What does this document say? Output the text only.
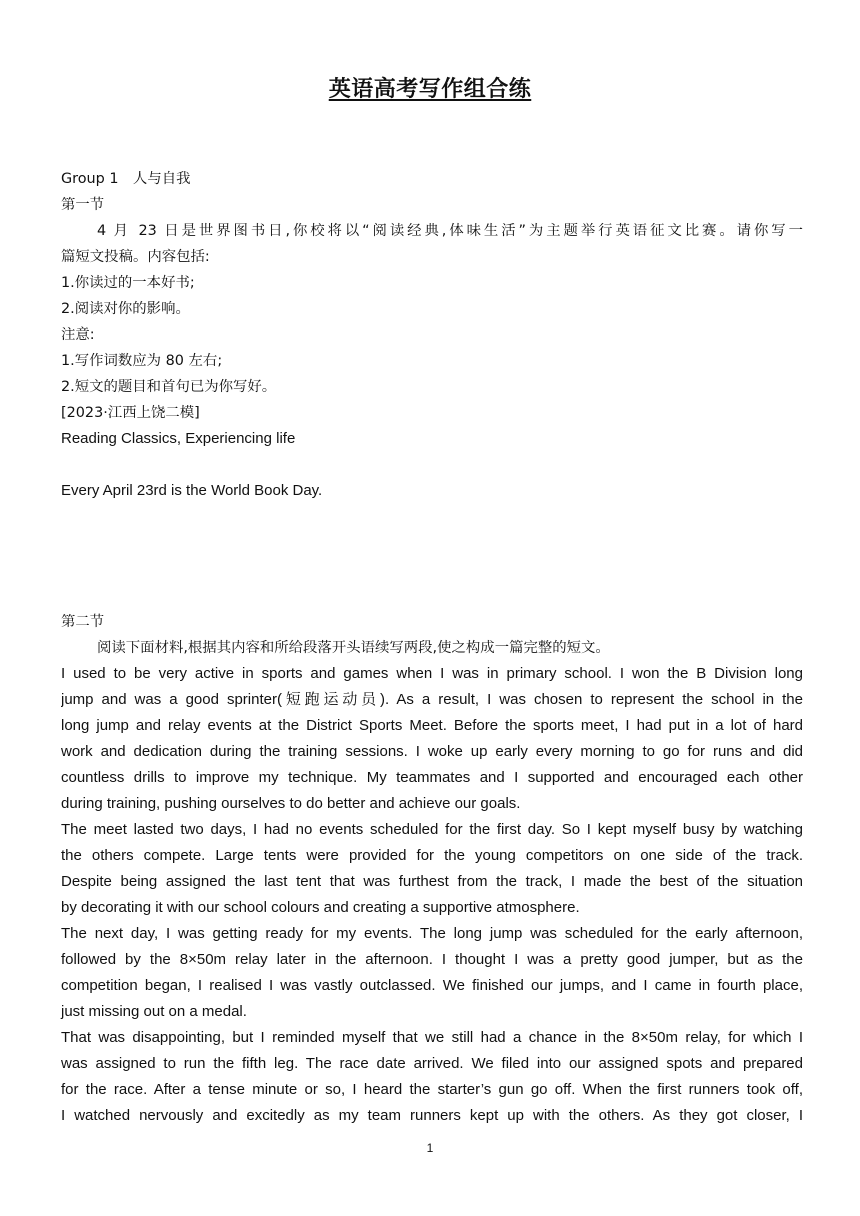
英语高考写作组合练
Group 1　人与自我
第一节
4 月 23 日是世界图书日,你校将以“阅读经典,体味生活”为主题举行英语征文比赛。请你写一
篇短文投稿。内容包括:
1.你读过的一本好书;
2.阅读对你的影响。
注意:
1.写作词数应为 80 左右;
2.短文的题目和首句已为你写好。
[2023·江西上饶二模]
Reading Classics, Experiencing life
Every April 23rd is the World Book Day.
第二节
阅读下面材料,根据其内容和所给段落开头语续写两段,使之构成一篇完整的短文。
I used to be very active in sports and games when I was in primary school. I won the B Division long
jump and was a good sprinter(短跑运动员). As a result, I was chosen to represent the school in the
long jump and relay events at the District Sports Meet. Before the sports meet, I had put in a lot of hard
work and dedication during the training sessions. I woke up early every morning to go for runs and did
countless drills to improve my technique. My teammates and I supported and encouraged each other
during training, pushing ourselves to do better and achieve our goals.
The meet lasted two days, I had no events scheduled for the first day. So I kept myself busy by watching
the others compete. Large tents were provided for the young competitors on one side of the track.
Despite being assigned the last tent that was furthest from the track, I made the best of the situation
by decorating it with our school colours and creating a supportive atmosphere.
The next day, I was getting ready for my events. The long jump was scheduled for the early afternoon,
followed by the 8×50m relay later in the afternoon. I thought I was a pretty good jumper, but as the
competition began, I realised I was vastly outclassed. We finished our jumps, and I came in fourth place,
just missing out on a medal.
That was disappointing, but I reminded myself that we still had a chance in the 8×50m relay, for which I
was assigned to run the fifth leg. The race date arrived. We filed into our assigned spots and prepared
for the race. After a tense minute or so, I heard the starter’s gun go off. When the first runners took off,
I watched nervously and excitedly as my team runners kept up with the others. As they got closer, I
1
